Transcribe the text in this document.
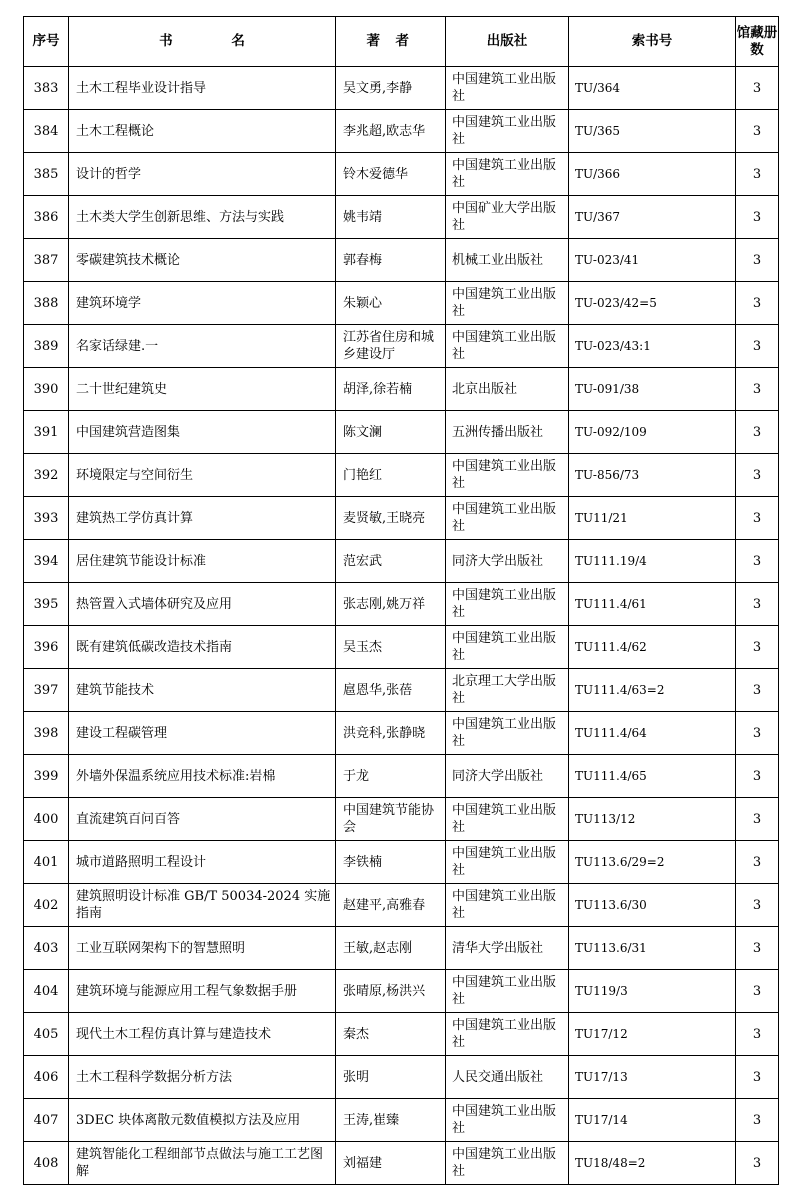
序号	书 名	著 者	出版社	索书号	馆藏册数
383	土木工程毕业设计指导	吴文勇,李静	中国建筑工业出版社	TU/364	3
384	土木工程概论	李兆超,欧志华	中国建筑工业出版社	TU/365	3
385	设计的哲学	铃木爱德华	中国建筑工业出版社	TU/366	3
386	土木类大学生创新思维、方法与实践	姚韦靖	中国矿业大学出版社	TU/367	3
387	零碳建筑技术概论	郭春梅	机械工业出版社	TU-023/41	3
388	建筑环境学	朱颖心	中国建筑工业出版社	TU-023/42=5	3
389	名家话绿建.一	江苏省住房和城乡建设厅	中国建筑工业出版社	TU-023/43:1	3
390	二十世纪建筑史	胡泽,徐若楠	北京出版社	TU-091/38	3
391	中国建筑营造图集	陈文澜	五洲传播出版社	TU-092/109	3
392	环境限定与空间衍生	门艳红	中国建筑工业出版社	TU-856/73	3
393	建筑热工学仿真计算	麦贤敏,王晓亮	中国建筑工业出版社	TU11/21	3
394	居住建筑节能设计标准	范宏武	同济大学出版社	TU111.19/4	3
395	热管置入式墙体研究及应用	张志刚,姚万祥	中国建筑工业出版社	TU111.4/61	3
396	既有建筑低碳改造技术指南	吴玉杰	中国建筑工业出版社	TU111.4/62	3
397	建筑节能技术	扈恩华,张蓓	北京理工大学出版社	TU111.4/63=2	3
398	建设工程碳管理	洪竞科,张静晓	中国建筑工业出版社	TU111.4/64	3
399	外墙外保温系统应用技术标准:岩棉	于龙	同济大学出版社	TU111.4/65	3
400	直流建筑百问百答	中国建筑节能协会	中国建筑工业出版社	TU113/12	3
401	城市道路照明工程设计	李铁楠	中国建筑工业出版社	TU113.6/29=2	3
402	建筑照明设计标准 GB/T 50034-2024 实施指南	赵建平,高雅春	中国建筑工业出版社	TU113.6/30	3
403	工业互联网架构下的智慧照明	王敏,赵志刚	清华大学出版社	TU113.6/31	3
404	建筑环境与能源应用工程气象数据手册	张晴原,杨洪兴	中国建筑工业出版社	TU119/3	3
405	现代土木工程仿真计算与建造技术	秦杰	中国建筑工业出版社	TU17/12	3
406	土木工程科学数据分析方法	张明	人民交通出版社	TU17/13	3
407	3DEC 块体离散元数值模拟方法及应用	王涛,崔臻	中国建筑工业出版社	TU17/14	3
408	建筑智能化工程细部节点做法与施工工艺图解	刘福建	中国建筑工业出版社	TU18/48=2	3
